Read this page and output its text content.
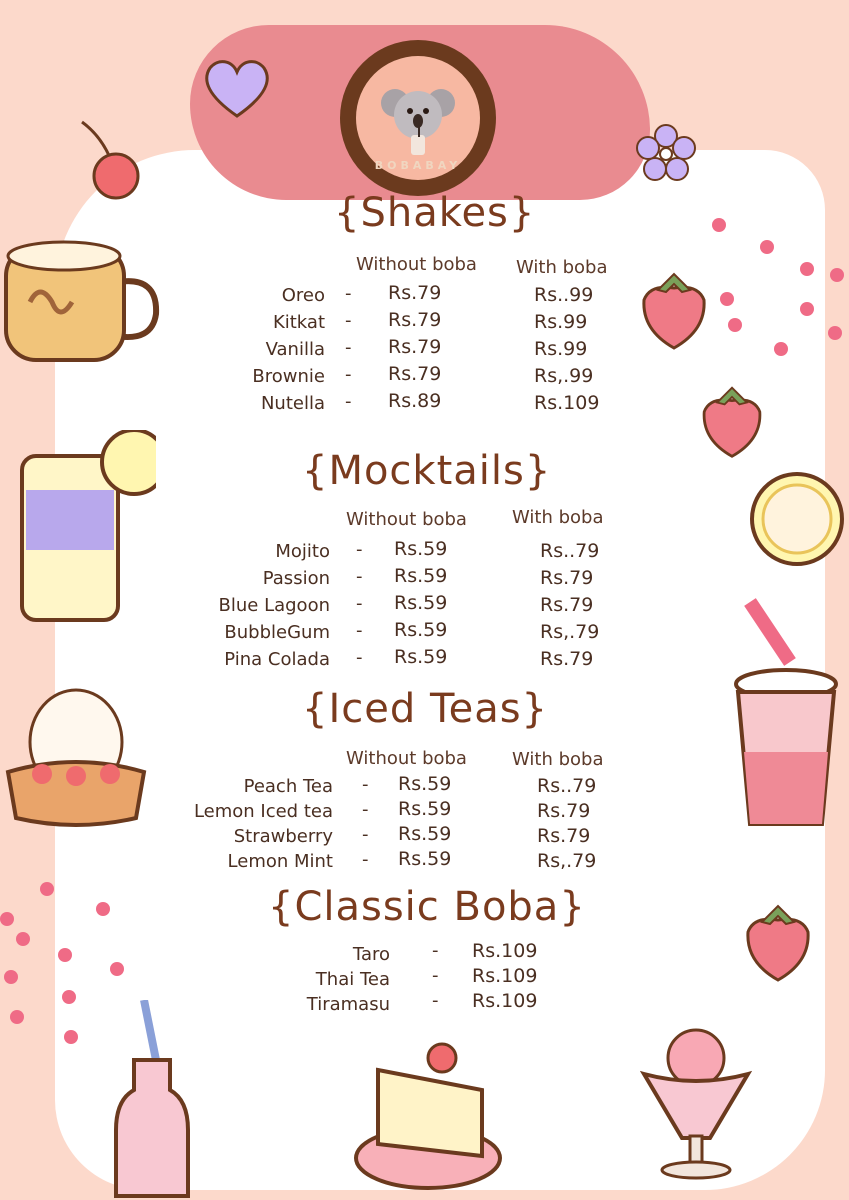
BOBABAY
{Shakes}
Without boba With boba
Oreo - Rs.79	Rs..99
Kitkat - Rs.79	Rs.99
Vanilla - Rs.79	Rs.99
Brownie - Rs.79	Rs,.99
Nutella - Rs.89	Rs.109
{Mocktails}
Without boba	With boba
Mojito - Rs.59	Rs..79
Passion - Rs.59	Rs.79
Blue Lagoon - Rs.59	Rs.79
BubbleGum - Rs.59	Rs,.79
Pina Colada - Rs.59	Rs.79
{Iced Teas}
Without boba	With boba
Peach Tea - Rs.59	Rs..79
Lemon Iced tea - Rs.59	Rs.79
Strawberry - Rs.59	Rs.79
Lemon Mint - Rs.59	Rs,.79
{Classic Boba}
Taro - Rs.109
Thai Tea - Rs.109
Tiramasu - Rs.109
